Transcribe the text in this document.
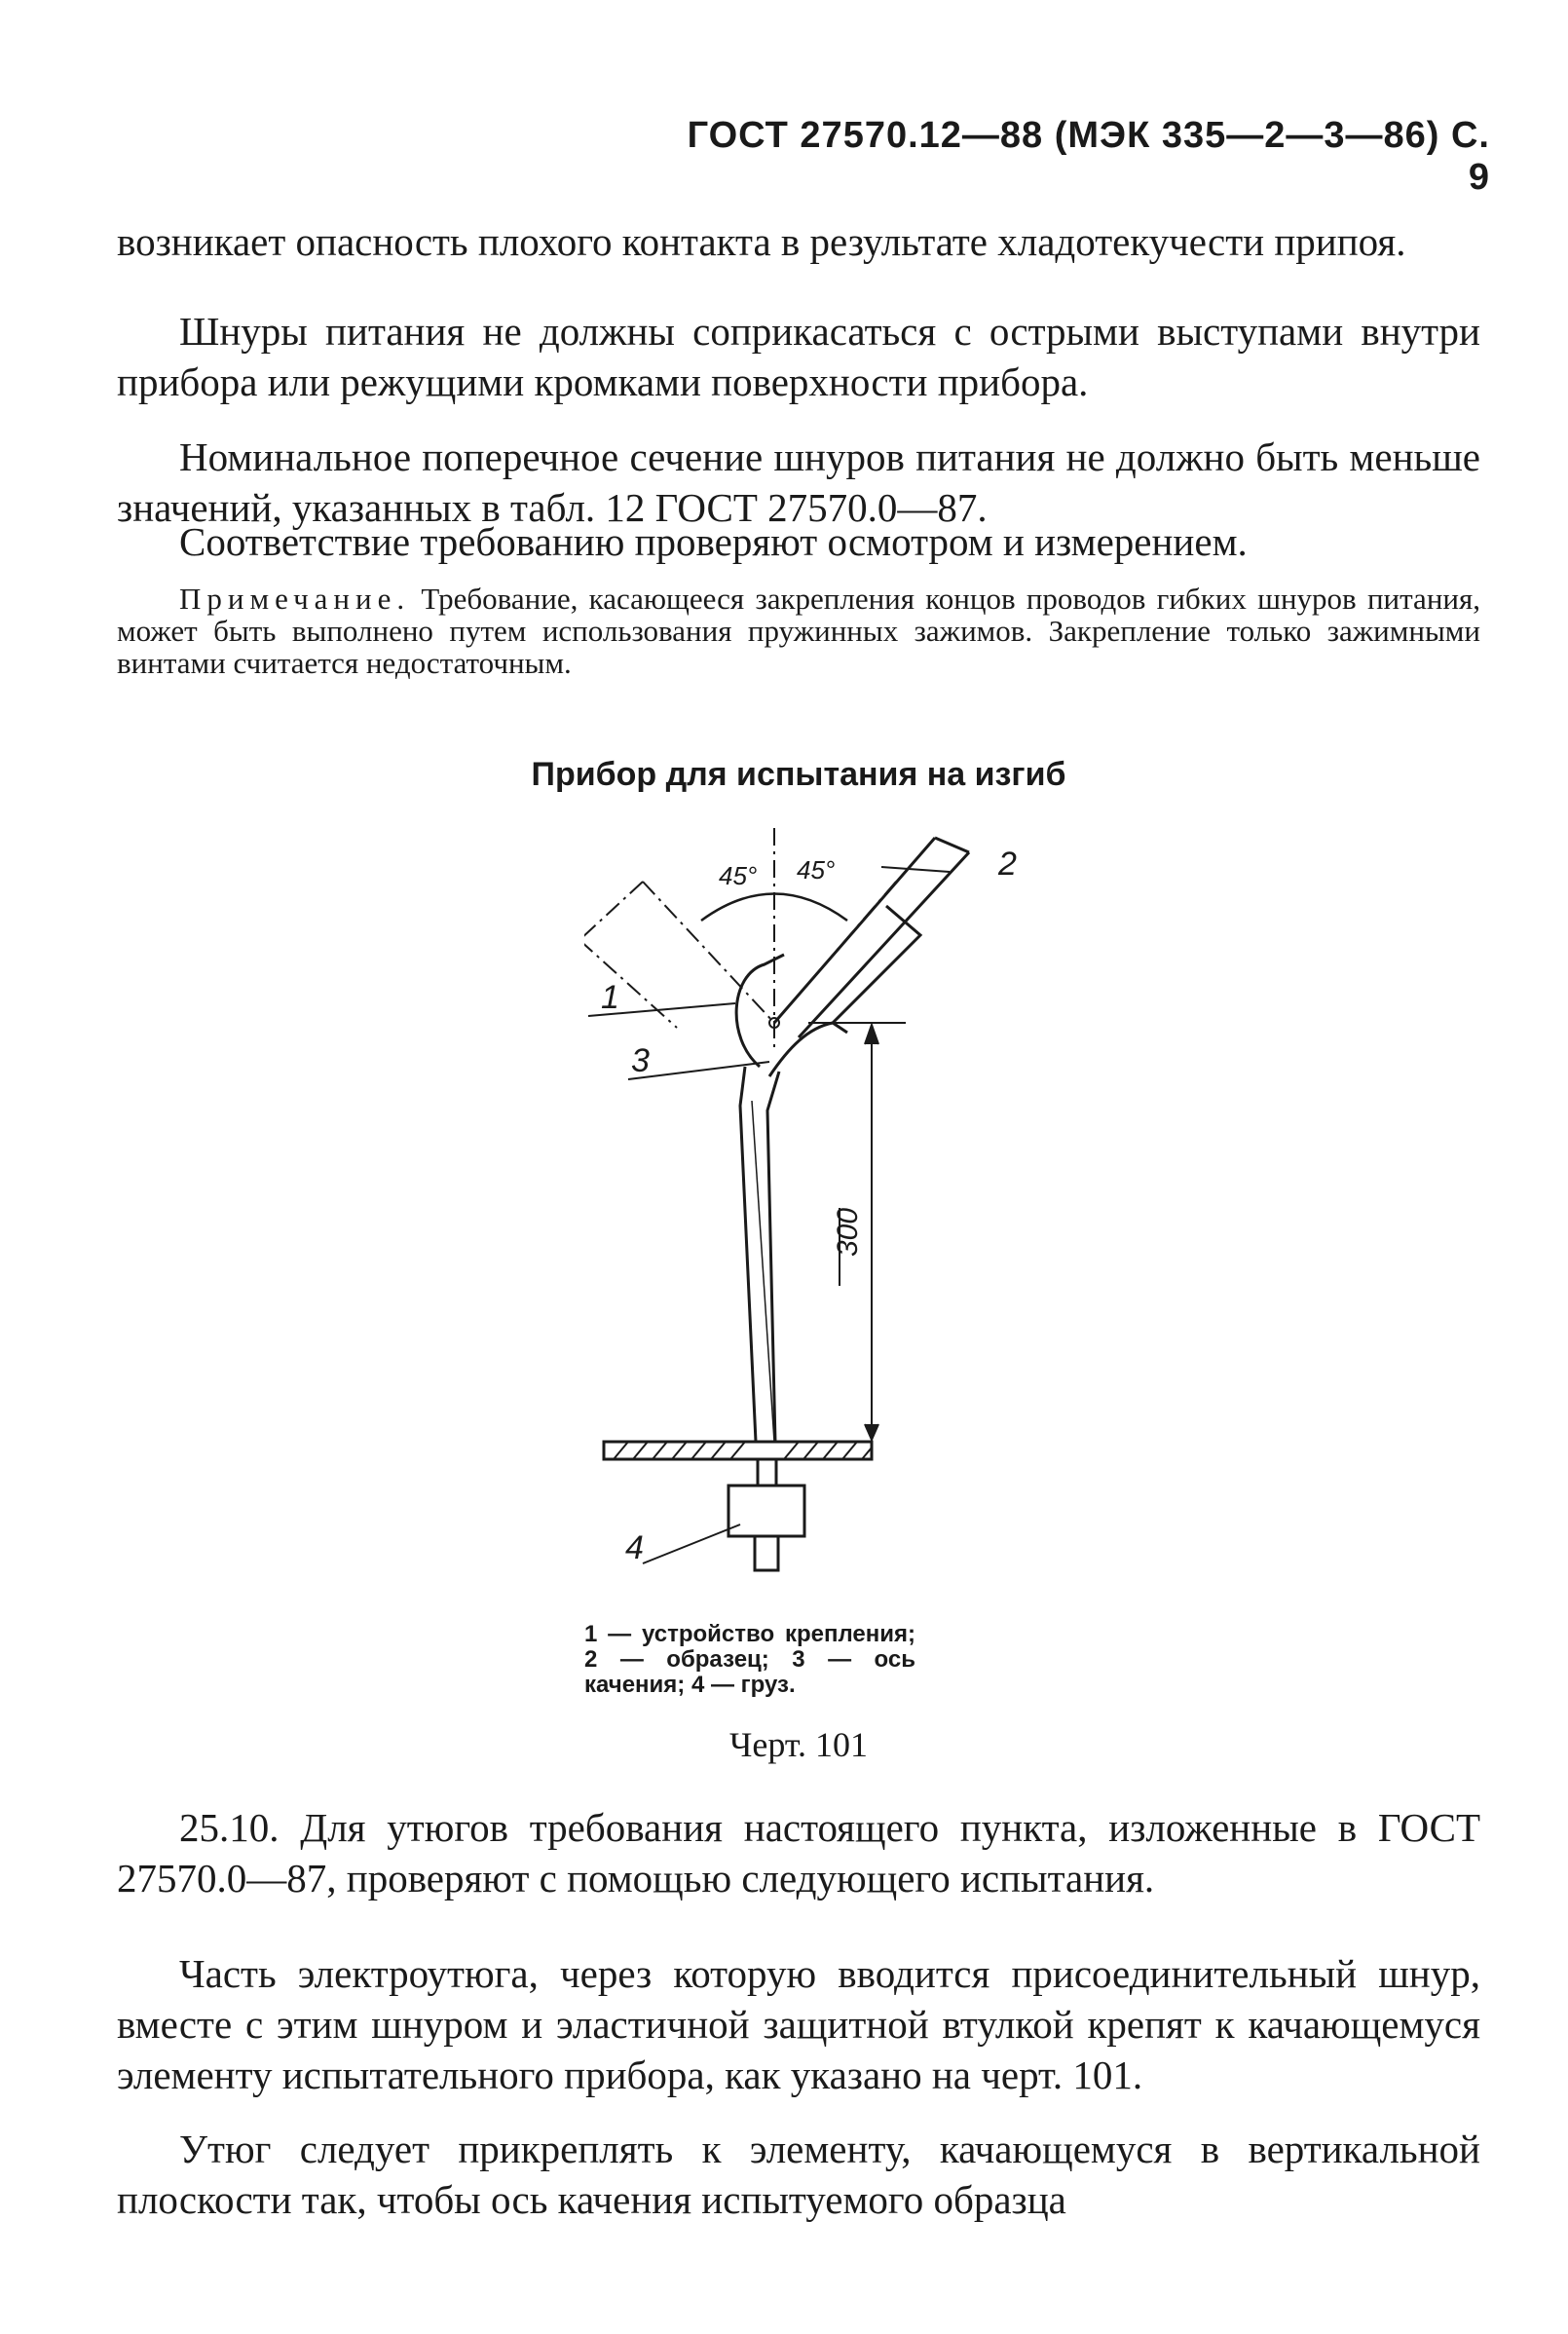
ГОСТ 27570.12—88 (МЭК 335—2—3—86) С. 9

возникает опасность плохого контакта в результате хладотекучести припоя.

Шнуры питания не должны соприкасаться с острыми выступами внутри прибора или режущими кромками поверхности прибора.

Номинальное поперечное сечение шнуров питания не должно быть меньше значений, указанных в табл. 12 ГОСТ 27570.0—87.

Соответствие требованию проверяют осмотром и измерением.

Примечание. Требование, касающееся закрепления концов проводов гибких шнуров питания, может быть выполнено путем использования пружинных зажимов. Закрепление только зажимными винтами считается недостаточным.

Прибор для испытания на изгиб
45° 45°
1
3
2
4
300
1 — устройство крепления; 2 — образец; 3 — ось качения; 4 — груз.
Черт. 101

25.10. Для утюгов требования настоящего пункта, изложенные в ГОСТ 27570.0—87, проверяют с помощью следующего испытания.

Часть электроутюга, через которую вводится присоединительный шнур, вместе с этим шнуром и эластичной защитной втулкой крепят к качающемуся элементу испытательного прибора, как указано на черт. 101.

Утюг следует прикреплять к элементу, качающемуся в вертикальной плоскости так, чтобы ось качения испытуемого образца
